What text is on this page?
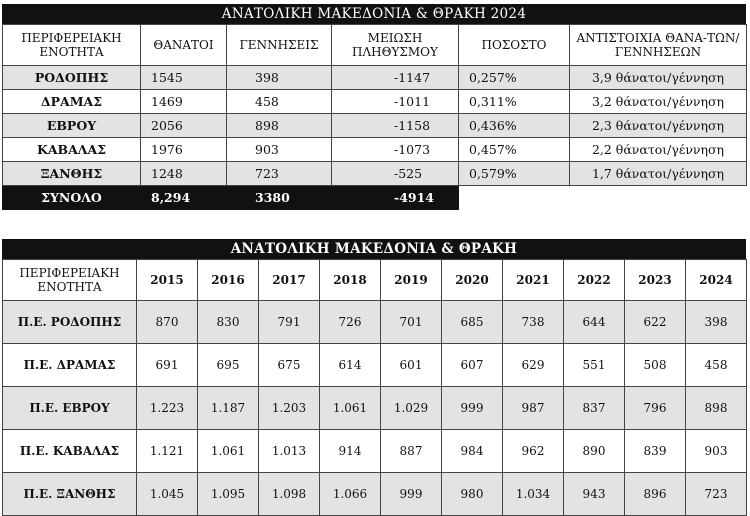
ΑΝΑΤΟΛΙΚΗ ΜΑΚΕΔΟΝΙΑ & ΘΡΑΚΗ 2024
ΠΕΡΙΦΕΡΕΙΑΚΗ ΕΝΟΤΗΤΑ	ΘΑΝΑΤΟΙ	ΓΕΝΝΗΣΕΙΣ	ΜΕΙΩΣΗ ΠΛΗΘΥΣΜΟΥ	ΠΟΣΟΣΤΟ	ΑΝΤΙΣΤΟΙΧΙΑ ΘΑΝΑ-ΤΩΝ/ΓΕΝΝΗΣΕΩΝ
ΡΟΔΟΠΗΣ	1545	398	-1147	0,257%	3,9 θάνατοι/γέννηση
ΔΡΑΜΑΣ	1469	458	-1011	0,311%	3,2 θάνατοι/γέννηση
ΕΒΡΟΥ	2056	898	-1158	0,436%	2,3 θάνατοι/γέννηση
ΚΑΒΑΛΑΣ	1976	903	-1073	0,457%	2,2 θάνατοι/γέννηση
ΞΑΝΘΗΣ	1248	723	-525	0,579%	1,7 θάνατοι/γέννηση
ΣΥΝΟΛΟ	8,294	3380	-4914		
ΑΝΑΤΟΛΙΚΗ ΜΑΚΕΔΟΝΙΑ & ΘΡΑΚΗ
ΠΕΡΙΦΕΡΕΙΑΚΗ ΕΝΟΤΗΤΑ	2015	2016	2017	2018	2019	2020	2021	2022	2023	2024
Π.Ε. ΡΟΔΟΠΗΣ	870	830	791	726	701	685	738	644	622	398
Π.Ε. ΔΡΑΜΑΣ	691	695	675	614	601	607	629	551	508	458
Π.Ε. ΕΒΡΟΥ	1.223	1.187	1.203	1.061	1.029	999	987	837	796	898
Π.Ε. ΚΑΒΑΛΑΣ	1.121	1.061	1.013	914	887	984	962	890	839	903
Π.Ε. ΞΑΝΘΗΣ	1.045	1.095	1.098	1.066	999	980	1.034	943	896	723
